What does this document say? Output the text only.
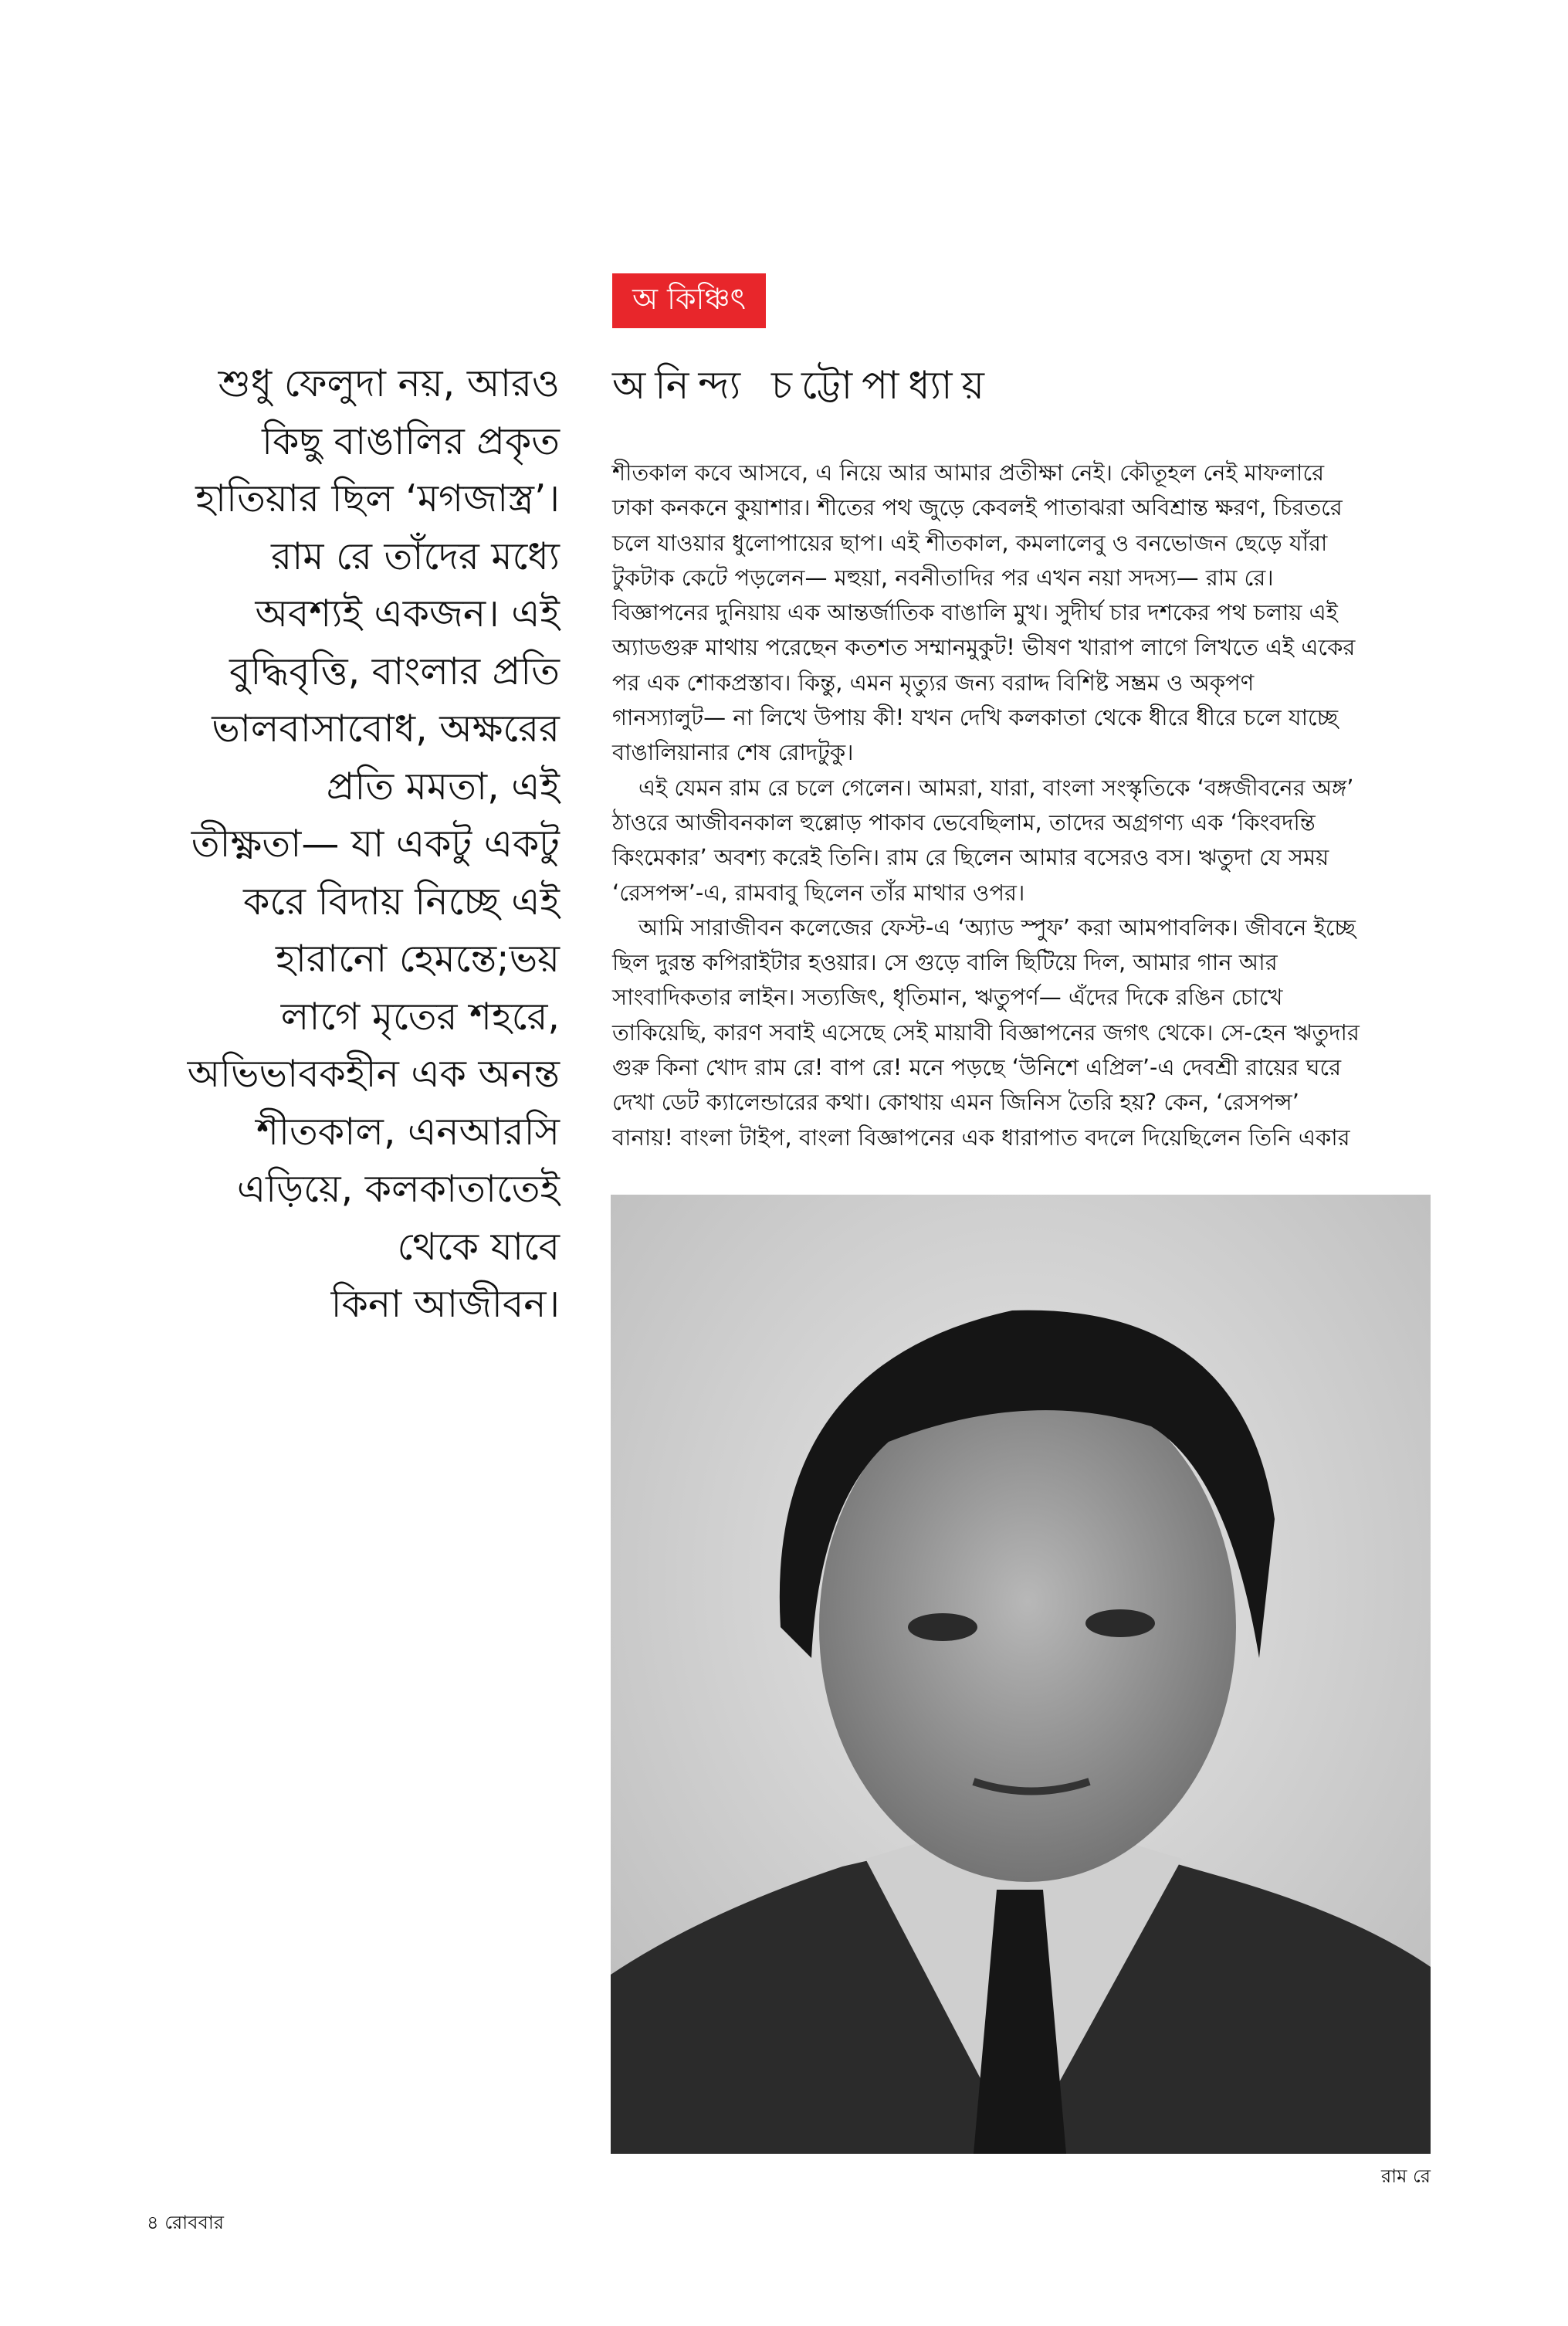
অ কিঞ্চিৎ
অনিন্দ্য চট্টোপাধ্যায়
শীতকাল কবে আসবে, এ নিয়ে আর আমার প্রতীক্ষা নেই। কৌতূহল নেই মাফলারে
ঢাকা কনকনে কুয়াশার। শীতের পথ জুড়ে কেবলই পাতাঝরা অবিশ্রান্ত ক্ষরণ, চিরতরে
চলে যাওয়ার ধুলোপায়ের ছাপ। এই শীতকাল, কমলালেবু ও বনভোজন ছেড়ে যাঁরা
টুকটাক কেটে পড়লেন— মহুয়া, নবনীতাদির পর এখন নয়া সদস্য— রাম রে।
বিজ্ঞাপনের দুনিয়ায় এক আন্তর্জাতিক বাঙালি মুখ। সুদীর্ঘ চার দশকের পথ চলায় এই
অ্যাডগুরু মাথায় পরেছেন কতশত সম্মানমুকুট! ভীষণ খারাপ লাগে লিখতে এই একের
পর এক শোকপ্রস্তাব। কিন্তু, এমন মৃত্যুর জন্য বরাদ্দ বিশিষ্ট সম্ভ্রম ও অকৃপণ
গানস্যালুট— না লিখে উপায় কী! যখন দেখি কলকাতা থেকে ধীরে ধীরে চলে যাচ্ছে
বাঙালিয়ানার শেষ রোদটুকু।
এই যেমন রাম রে চলে গেলেন। আমরা, যারা, বাংলা সংস্কৃতিকে ‘বঙ্গজীবনের অঙ্গ’
ঠাওরে আজীবনকাল হুল্লোড় পাকাব ভেবেছিলাম, তাদের অগ্রগণ্য এক ‘কিংবদন্তি
কিংমেকার’ অবশ্য করেই তিনি। রাম রে ছিলেন আমার বসেরও বস। ঋতুদা যে সময়
‘রেসপন্স’-এ, রামবাবু ছিলেন তাঁর মাথার ওপর।
আমি সারাজীবন কলেজের ফেস্ট-এ ‘অ্যাড স্পুফ’ করা আমপাবলিক। জীবনে ইচ্ছে
ছিল দুরন্ত কপিরাইটার হওয়ার। সে গুড়ে বালি ছিটিয়ে দিল, আমার গান আর
সাংবাদিকতার লাইন। সত্যজিৎ, ধৃতিমান, ঋতুপর্ণ— এঁদের দিকে রঙিন চোখে
তাকিয়েছি, কারণ সবাই এসেছে সেই মায়াবী বিজ্ঞাপনের জগৎ থেকে। সে-হেন ঋতুদার
গুরু কিনা খোদ রাম রে! বাপ রে! মনে পড়ছে ‘উনিশে এপ্রিল’-এ দেবশ্রী রায়ের ঘরে
দেখা ডেট ক্যালেন্ডারের কথা। কোথায় এমন জিনিস তৈরি হয়? কেন, ‘রেসপন্স’
বানায়! বাংলা টাইপ, বাংলা বিজ্ঞাপনের এক ধারাপাত বদলে দিয়েছিলেন তিনি একার
শুধু ফেলুদা নয়, আরও
কিছু বাঙালির প্রকৃত
হাতিয়ার ছিল ‘মগজাস্ত্র’।
রাম রে তাঁদের মধ্যে
অবশ্যই একজন। এই
বুদ্ধিবৃত্তি, বাংলার প্রতি
ভালবাসাবোধ, অক্ষরের
প্রতি মমতা, এই
তীক্ষ্ণতা— যা একটু একটু
করে বিদায় নিচ্ছে এই
হারানো হেমন্তে;ভয়
লাগে মৃতের শহরে,
অভিভাবকহীন এক অনন্ত
শীতকাল, এনআরসি
এড়িয়ে, কলকাতাতেই
থেকে যাবে
কিনা আজীবন।
রাম রে
৪ রোববার
